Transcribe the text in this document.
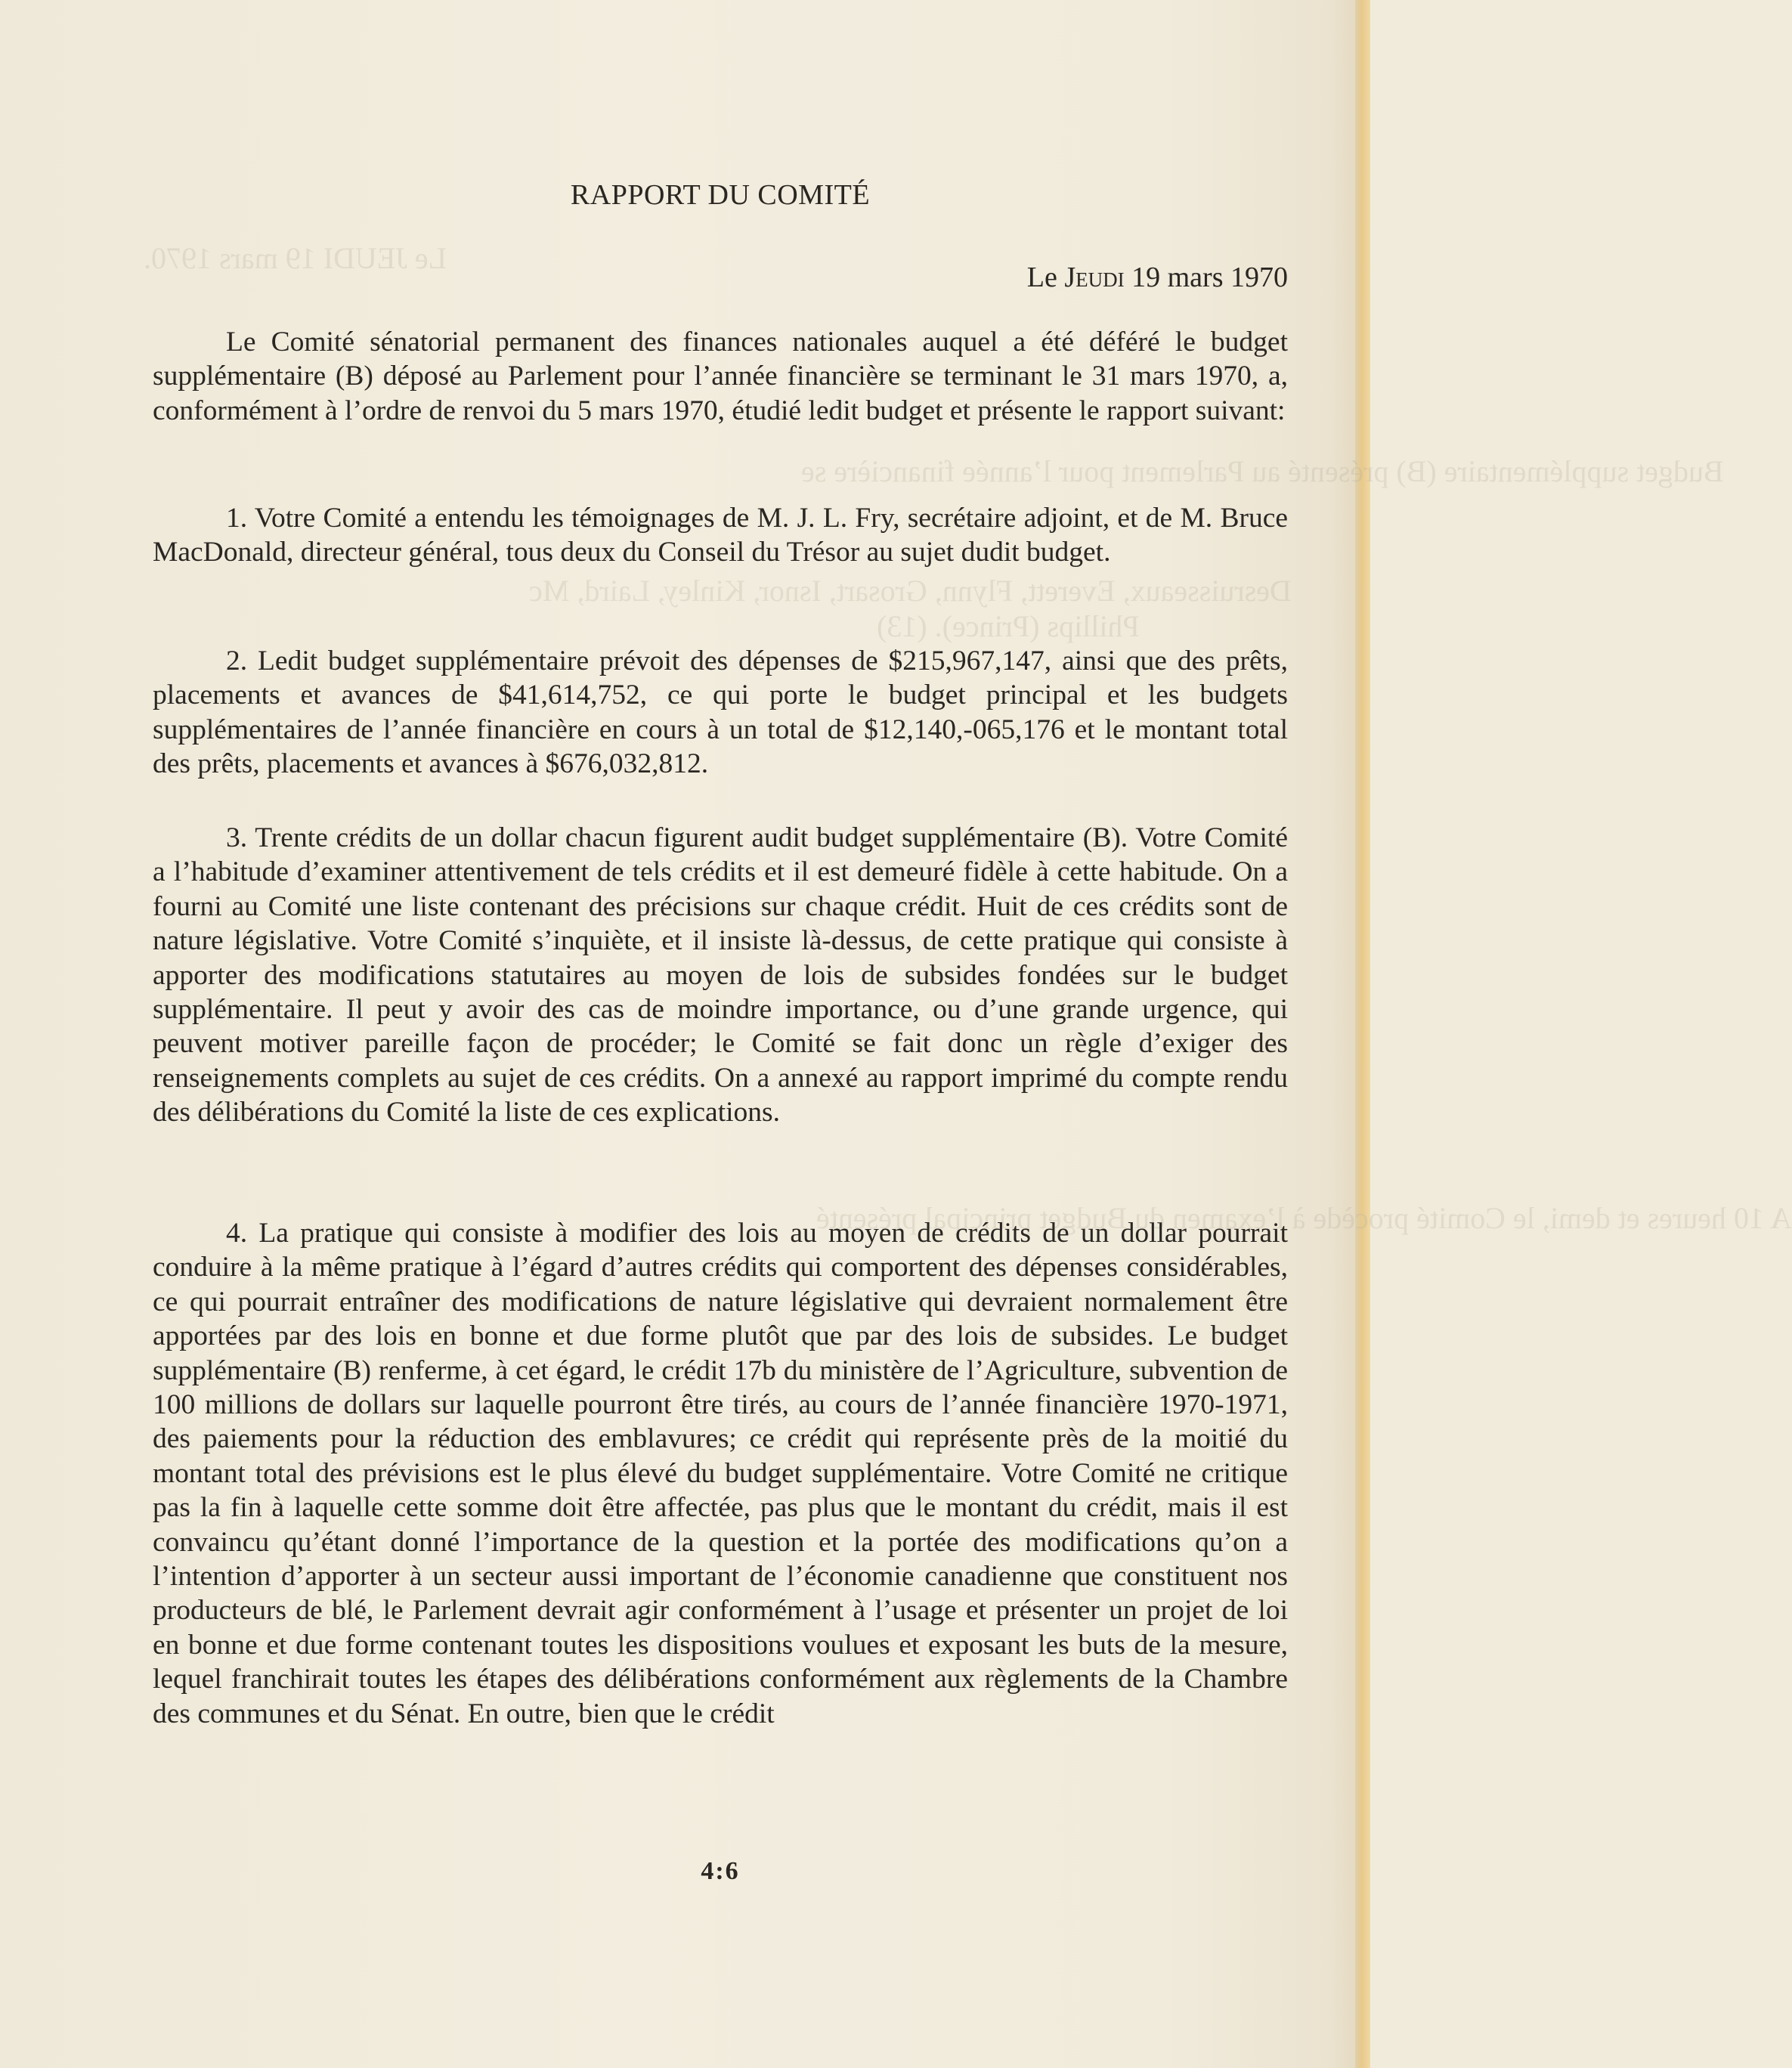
Le JEUDI 19 mars 1970.
Budget supplémentaire (B) présenté au Parlement pour l’année financière se
Desruisseaux, Everett, Flynn, Grosart, Isnor, Kinley, Laird, Mc
Phillips (Prince). (13)
A 10 heures et demi, le Comité procède à l’examen du Budget principal présenté
RAPPORT DU COMITÉ
Le Jeudi 19 mars 1970

Le Comité sénatorial permanent des finances nationales auquel a été déféré le budget supplémentaire (B) déposé au Parlement pour l’année financière se terminant le 31 mars 1970, a, conformément à l’ordre de renvoi du 5 mars 1970, étudié ledit budget et présente le rapport suivant:

1. Votre Comité a entendu les témoignages de M. J. L. Fry, secrétaire adjoint, et de M. Bruce MacDonald, directeur général, tous deux du Conseil du Trésor au sujet dudit budget.

2. Ledit budget supplémentaire prévoit des dépenses de $215,967,147, ainsi que des prêts, placements et avances de $41,614,752, ce qui porte le budget principal et les budgets supplémentaires de l’année financière en cours à un total de $12,140,-065,176 et le montant total des prêts, placements et avances à $676,032,812.

3. Trente crédits de un dollar chacun figurent audit budget supplémentaire (B). Votre Comité a l’habitude d’examiner attentivement de tels crédits et il est demeuré fidèle à cette habitude. On a fourni au Comité une liste contenant des précisions sur chaque crédit. Huit de ces crédits sont de nature législative. Votre Comité s’inquiète, et il insiste là-dessus, de cette pratique qui consiste à apporter des modifications statutaires au moyen de lois de subsides fondées sur le budget supplémentaire. Il peut y avoir des cas de moindre importance, ou d’une grande urgence, qui peuvent motiver pareille façon de procéder; le Comité se fait donc un règle d’exiger des renseignements complets au sujet de ces crédits. On a annexé au rapport imprimé du compte rendu des délibérations du Comité la liste de ces explications.

4. La pratique qui consiste à modifier des lois au moyen de crédits de un dollar pourrait conduire à la même pratique à l’égard d’autres crédits qui comportent des dépenses considérables, ce qui pourrait entraîner des modifications de nature législative qui devraient normalement être apportées par des lois en bonne et due forme plutôt que par des lois de subsides. Le budget supplémentaire (B) renferme, à cet égard, le crédit 17b du ministère de l’Agriculture, subvention de 100 millions de dollars sur laquelle pourront être tirés, au cours de l’année financière 1970-1971, des paiements pour la réduction des emblavures; ce crédit qui représente près de la moitié du montant total des prévisions est le plus élevé du budget supplémentaire. Votre Comité ne critique pas la fin à laquelle cette somme doit être affectée, pas plus que le montant du crédit, mais il est convaincu qu’étant donné l’importance de la question et la portée des modifications qu’on a l’intention d’apporter à un secteur aussi important de l’économie canadienne que constituent nos producteurs de blé, le Parlement devrait agir conformément à l’usage et présenter un projet de loi en bonne et due forme contenant toutes les dispositions voulues et exposant les buts de la mesure, lequel franchirait toutes les étapes des délibérations conformément aux règlements de la Chambre des communes et du Sénat. En outre, bien que le crédit

4:6
